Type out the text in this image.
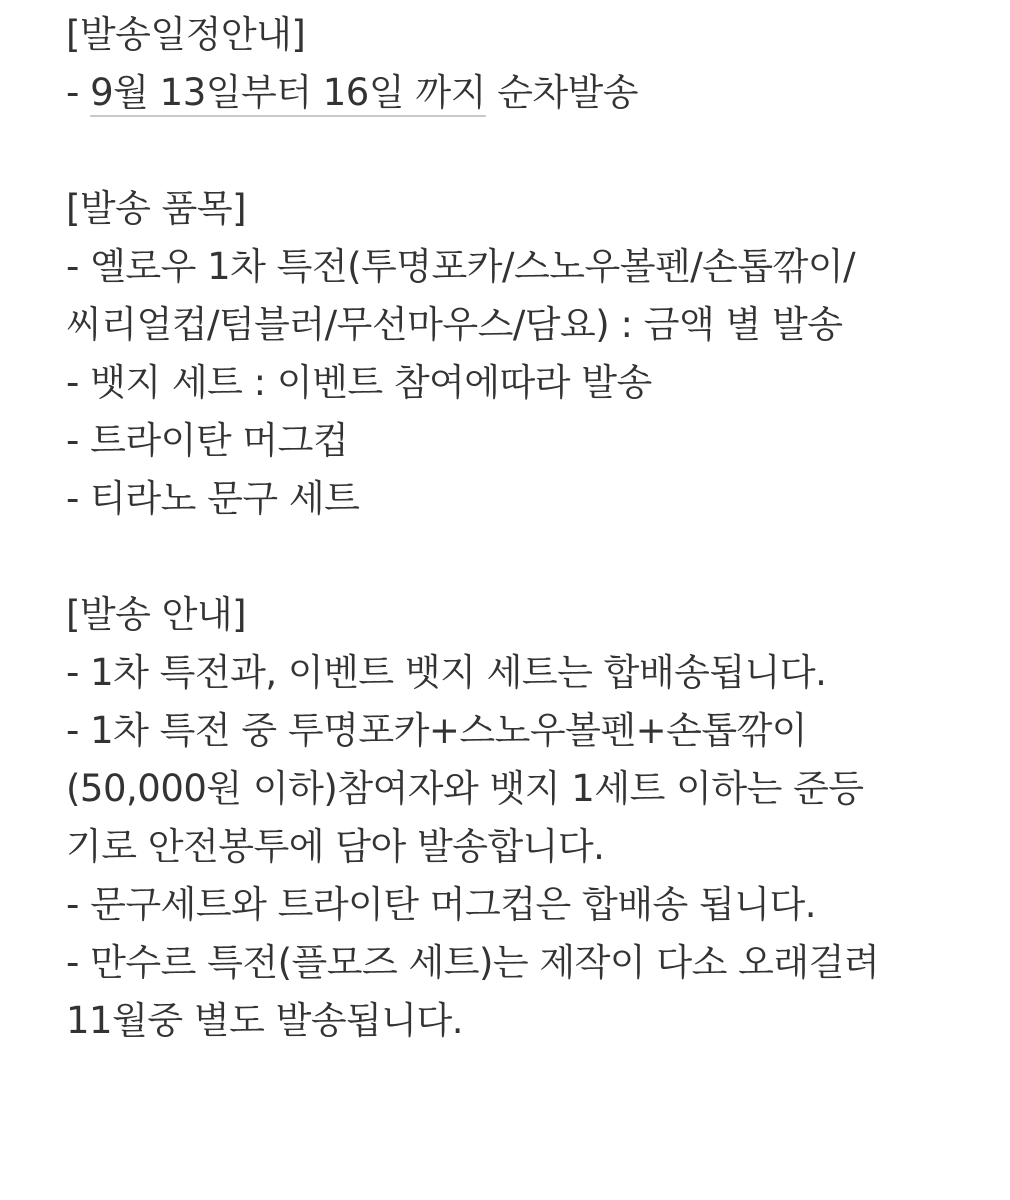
[발송일정안내]
- 9월 13일부터 16일 까지 순차발송
[발송 품목]
- 옐로우 1차 특전(투명포카/스노우볼펜/손톱깎이/
씨리얼컵/텀블러/무선마우스/담요) : 금액 별 발송
- 뱃지 세트 : 이벤트 참여에따라 발송
- 트라이탄 머그컵
- 티라노 문구 세트
[발송 안내]
- 1차 특전과, 이벤트 뱃지 세트는 합배송됩니다.
- 1차 특전 중 투명포카+스노우볼펜+손톱깎이
(50,000원 이하)참여자와 뱃지 1세트 이하는 준등
기로 안전봉투에 담아 발송합니다.
- 문구세트와 트라이탄 머그컵은 합배송 됩니다.
- 만수르 특전(플모즈 세트)는 제작이 다소 오래걸려
11월중 별도 발송됩니다.
